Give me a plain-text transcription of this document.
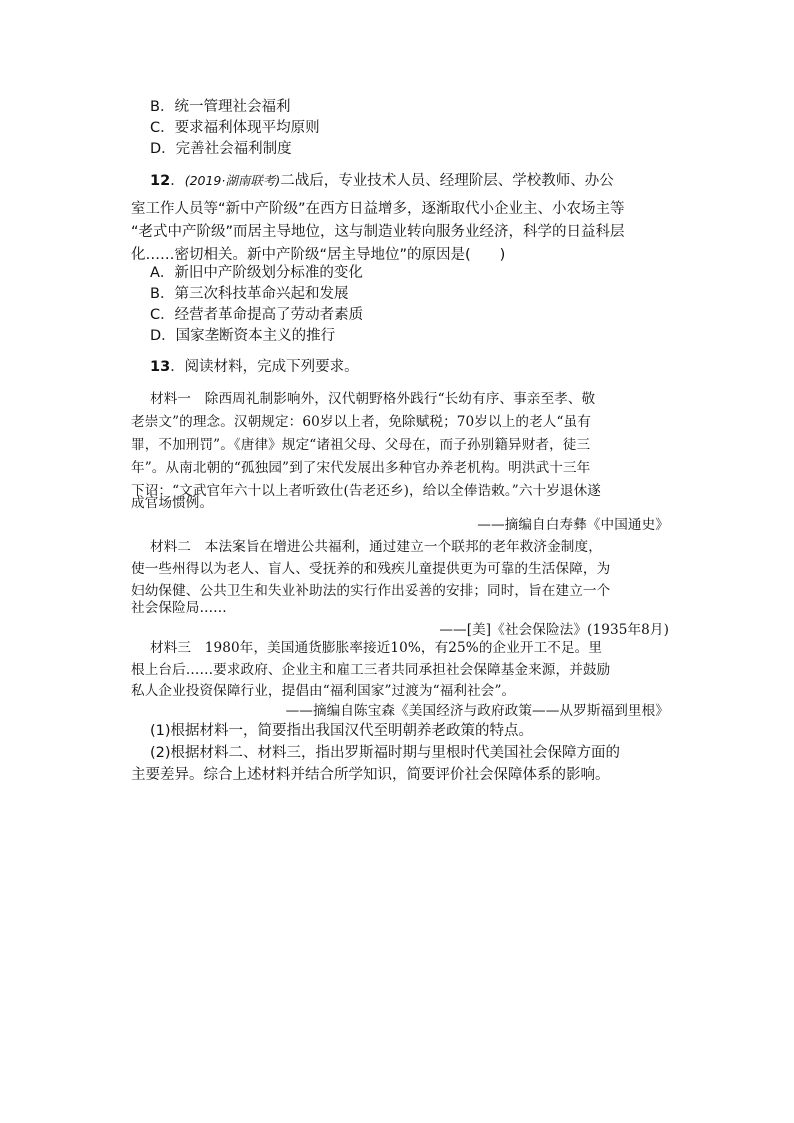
B．统一管理社会福利
C．要求福利体现平均原则
D．完善社会福利制度
12．(2019·湖南联考)二战后，专业技术人员、经理阶层、学校教师、办公
室工作人员等“新中产阶级”在西方日益增多，逐渐取代小企业主、小农场主等
“老式中产阶级”而居主导地位，这与制造业转向服务业经济，科学的日益科层
化……密切相关。新中产阶级“居主导地位”的原因是(　　)
A．新旧中产阶级划分标准的变化
B．第三次科技革命兴起和发展
C．经营者革命提高了劳动者素质
D．国家垄断资本主义的推行
13．阅读材料，完成下列要求。
材料一　除西周礼制影响外，汉代朝野格外践行“长幼有序、事亲至孝、敬
老崇文”的理念。汉朝规定：60岁以上者，免除赋税；70岁以上的老人“虽有
罪，不加刑罚”。《唐律》规定“诸祖父母、父母在，而子孙别籍异财者，徒三
年”。从南北朝的“孤独园”到了宋代发展出多种官办养老机构。明洪武十三年
下诏：“文武官年六十以上者听致仕(告老还乡)，给以全俸诰敕。”六十岁退休遂
成官场惯例。
——摘编自白寿彝《中国通史》
材料二　本法案旨在增进公共福利，通过建立一个联邦的老年救济金制度，
使一些州得以为老人、盲人、受抚养的和残疾儿童提供更为可靠的生活保障，为
妇幼保健、公共卫生和失业补助法的实行作出妥善的安排；同时，旨在建立一个
社会保险局……
——[美]《社会保险法》(1935年8月)
材料三　1980年，美国通货膨胀率接近10%，有25%的企业开工不足。里
根上台后……要求政府、企业主和雇工三者共同承担社会保障基金来源，并鼓励
私人企业投资保障行业，提倡由“福利国家”过渡为“福利社会”。
——摘编自陈宝森《美国经济与政府政策——从罗斯福到里根》
(1)根据材料一，简要指出我国汉代至明朝养老政策的特点。
(2)根据材料二、材料三，指出罗斯福时期与里根时代美国社会保障方面的
主要差异。综合上述材料并结合所学知识，简要评价社会保障体系的影响。
